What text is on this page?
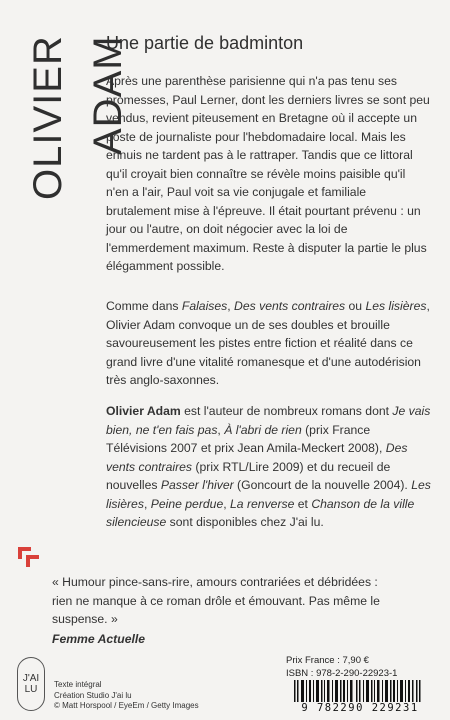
OLIVIER ADAM
Une partie de badminton

Après une parenthèse parisienne qui n'a pas tenu ses promesses, Paul Lerner, dont les derniers livres se sont peu vendus, revient piteusement en Bretagne où il accepte un poste de journaliste pour l'hebdomadaire local. Mais les ennuis ne tardent pas à le rattraper. Tandis que ce littoral qu'il croyait bien connaître se révèle moins paisible qu'il n'en a l'air, Paul voit sa vie conjugale et familiale brutalement mise à l'épreuve. Il était pourtant prévenu : un jour ou l'autre, on doit négocier avec la loi de l'emmerdement maximum. Reste à disputer la partie le plus élégamment possible.

Comme dans Falaises, Des vents contraires ou Les lisières, Olivier Adam convoque un de ses doubles et brouille savoureusement les pistes entre fiction et réalité dans ce grand livre d'une vitalité romanesque et d'une autodérision très anglo-saxonnes.

Olivier Adam est l'auteur de nombreux romans dont Je vais bien, ne t'en fais pas, À l'abri de rien (prix France Télévisions 2007 et prix Jean Amila-Meckert 2008), Des vents contraires (prix RTL/Lire 2009) et du recueil de nouvelles Passer l'hiver (Goncourt de la nouvelle 2004). Les lisières, Peine perdue, La renverse et Chanson de la ville silencieuse sont disponibles chez J'ai lu.

« Humour pince-sans-rire, amours contrariées et débridées : rien ne manque à ce roman drôle et émouvant. Pas même le suspense. »
Femme Actuelle
Prix France : 7,90 €
ISBN : 978-2-290-22923-1
9 782290 229231
J'AI
LU Texte intégral
Création Studio J'ai lu
© Matt Horspool / EyeEm / Getty Images
